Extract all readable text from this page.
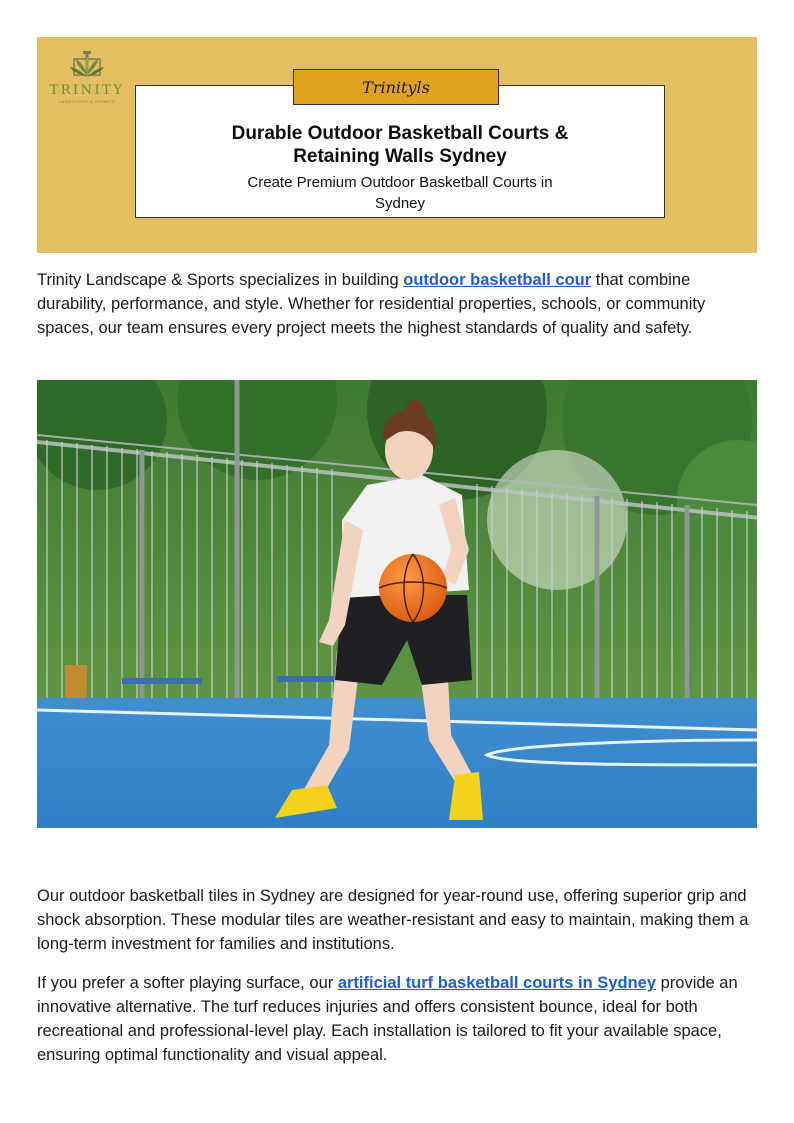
TRINITY
LANDSCAPE & SPORTS
Durable Outdoor Basketball Courts &
Retaining Walls Sydney
Create Premium Outdoor Basketball Courts in
Sydney
Trinityls

Trinity Landscape & Sports specializes in building outdoor basketball cour that combine durability, performance, and style. Whether for residential properties, schools, or community spaces, our team ensures every project meets the highest standards of quality and safety.

Our outdoor basketball tiles in Sydney are designed for year-round use, offering superior grip and shock absorption. These modular tiles are weather-resistant and easy to maintain, making them a long-term investment for families and institutions.

If you prefer a softer playing surface, our artificial turf basketball courts in Sydney provide an innovative alternative. The turf reduces injuries and offers consistent bounce, ideal for both recreational and professional-level play. Each installation is tailored to fit your available space, ensuring optimal functionality and visual appeal.
